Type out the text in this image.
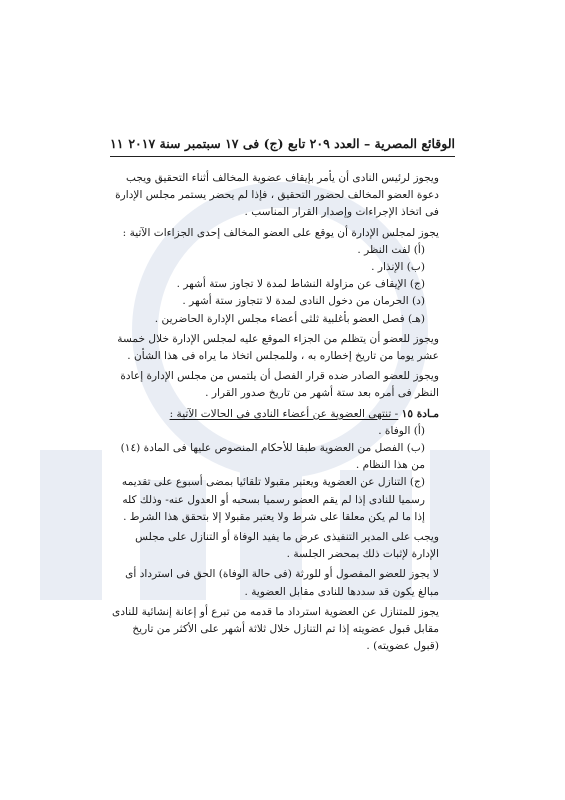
الوقائع المصرية – العدد ٢٠٩ تابع (ج) فى ١٧ سبتمبر سنة ٢٠١٧
١١

ويجوز لرئيس النادى أن يأمر بإيقاف عضوية المخالف أثناء التحقيق ويجب دعوة العضو المخالف لحضور التحقيق ، فإذا لم يحضر يستمر مجلس الإدارة فى اتخاذ الإجراءات وإصدار القرار المناسب .

يجوز لمجلس الإدارة أن يوقع على العضو المخالف إحدى الجزاءات الآتية :

(أ) لفت النظر .

(ب) الإنذار .

(ج) الإيقاف عن مزاولة النشاط لمدة لا تجاوز ستة أشهر .

(د) الحرمان من دخول النادى لمدة لا تتجاوز ستة أشهر .

(هـ) فصل العضو بأغلبية ثلثى أعضاء مجلس الإدارة الحاضرين .

ويجوز للعضو أن يتظلم من الجزاء الموقع عليه لمجلس الإدارة خلال خمسة عشر يوما من تاريخ إخطاره به ، وللمجلس اتخاذ ما يراه فى هذا الشأن .

ويجوز للعضو الصادر ضده قرار الفصل أن يلتمس من مجلس الإدارة إعادة النظر فى أمره بعد ستة أشهر من تاريخ صدور القرار .

مـادة ١٥ - تنتهى العضوية عن أعضاء النادى فى الحالات الآتية :

(أ) الوفاة .

(ب) الفصل من العضوية طبقا للأحكام المنصوص عليها فى المادة (١٤) من هذا النظام .

(ج) التنازل عن العضوية ويعتبر مقبولا تلقائيا بمضى أسبوع على تقديمه رسميا للنادى إذا لم يقم العضو رسميا بسحبه أو العدول عنه- وذلك كله إذا ما لم يكن معلقا على شرط ولا يعتبر مقبولا إلا بتحقق هذا الشرط .

ويجب على المدير التنفيذى عرض ما يفيد الوفاة أو التنازل على مجلس الإدارة لإثبات ذلك بمحضر الجلسة .

لا يجوز للعضو المفصول أو للورثة (فى حالة الوفاة) الحق فى استرداد أى مبالغ يكون قد سددها للنادى مقابل العضوية .

يجوز للمتنازل عن العضوية استرداد ما قدمه من تبرع أو إعانة إنشائية للنادى مقابل قبول عضويته إذا تم التنازل خلال ثلاثة أشهر على الأكثر من تاريخ (قبول عضويته) .
